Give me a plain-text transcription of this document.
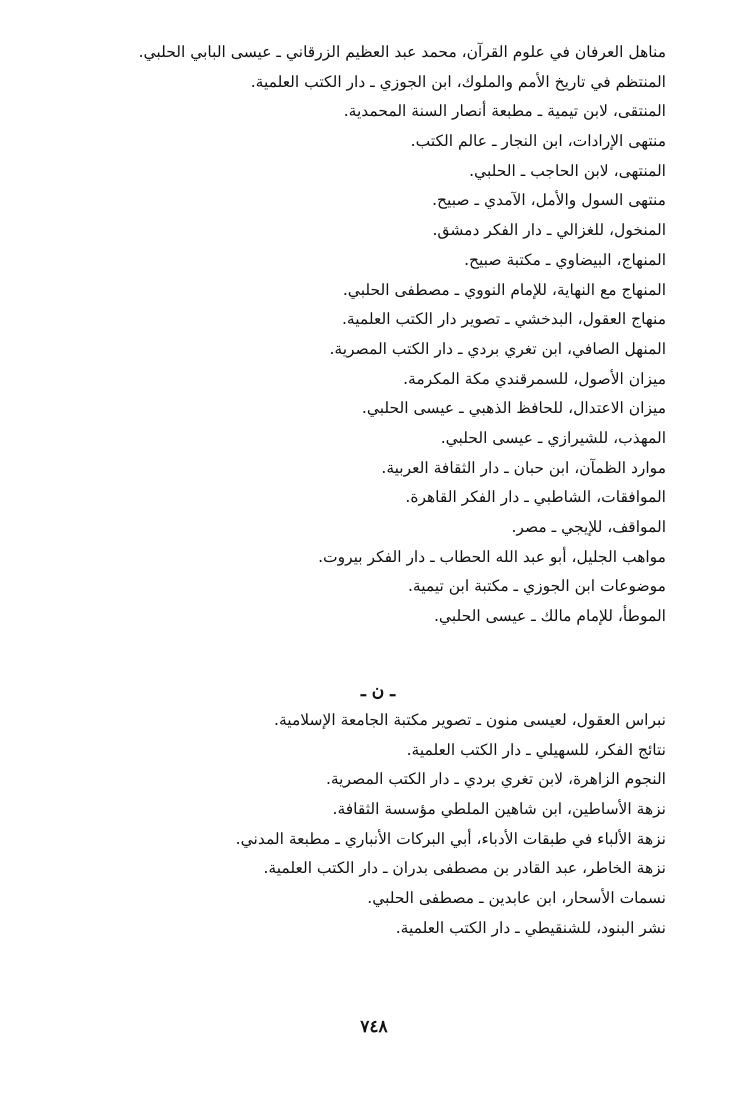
مناهل العرفان في علوم القرآن، محمد عبد العظيم الزرقاني ـ عيسى البابي الحلبي.
المنتظم في تاريخ الأمم والملوك، ابن الجوزي ـ دار الكتب العلمية.
المنتقى، لابن تيمية ـ مطبعة أنصار السنة المحمدية.
منتهى الإرادات، ابن النجار ـ عالم الكتب.
المنتهى، لابن الحاجب ـ الحلبي.
منتهى السول والأمل، الآمدي ـ صبيح.
المنخول، للغزالي ـ دار الفكر دمشق.
المنهاج، البيضاوي ـ مكتبة صبيح.
المنهاج مع النهاية، للإمام النووي ـ مصطفى الحلبي.
منهاج العقول، البدخشي ـ تصوير دار الكتب العلمية.
المنهل الصافي، ابن تغري بردي ـ دار الكتب المصرية.
ميزان الأصول، للسمرقندي مكة المكرمة.
ميزان الاعتدال، للحافظ الذهبي ـ عيسى الحلبي.
المهذب، للشيرازي ـ عيسى الحلبي.
موارد الظمآن، ابن حبان ـ دار الثقافة العربية.
الموافقات، الشاطبي ـ دار الفكر القاهرة.
المواقف، للإيجي ـ مصر.
مواهب الجليل، أبو عبد الله الحطاب ـ دار الفكر بيروت.
موضوعات ابن الجوزي ـ مكتبة ابن تيمية.
الموطأ، للإمام مالك ـ عيسى الحلبي.
ـ ن ـ
نبراس العقول، لعيسى منون ـ تصوير مكتبة الجامعة الإسلامية.
نتائج الفكر، للسهيلي ـ دار الكتب العلمية.
النجوم الزاهرة، لابن تغري بردي ـ دار الكتب المصرية.
نزهة الأساطين، ابن شاهين الملطي مؤسسة الثقافة.
نزهة الألباء في طبقات الأدباء، أبي البركات الأنباري ـ مطبعة المدني.
نزهة الخاطر، عبد القادر بن مصطفى بدران ـ دار الكتب العلمية.
نسمات الأسحار، ابن عابدين ـ مصطفى الحلبي.
نشر البنود، للشنقيطي ـ دار الكتب العلمية.
٧٤٨
